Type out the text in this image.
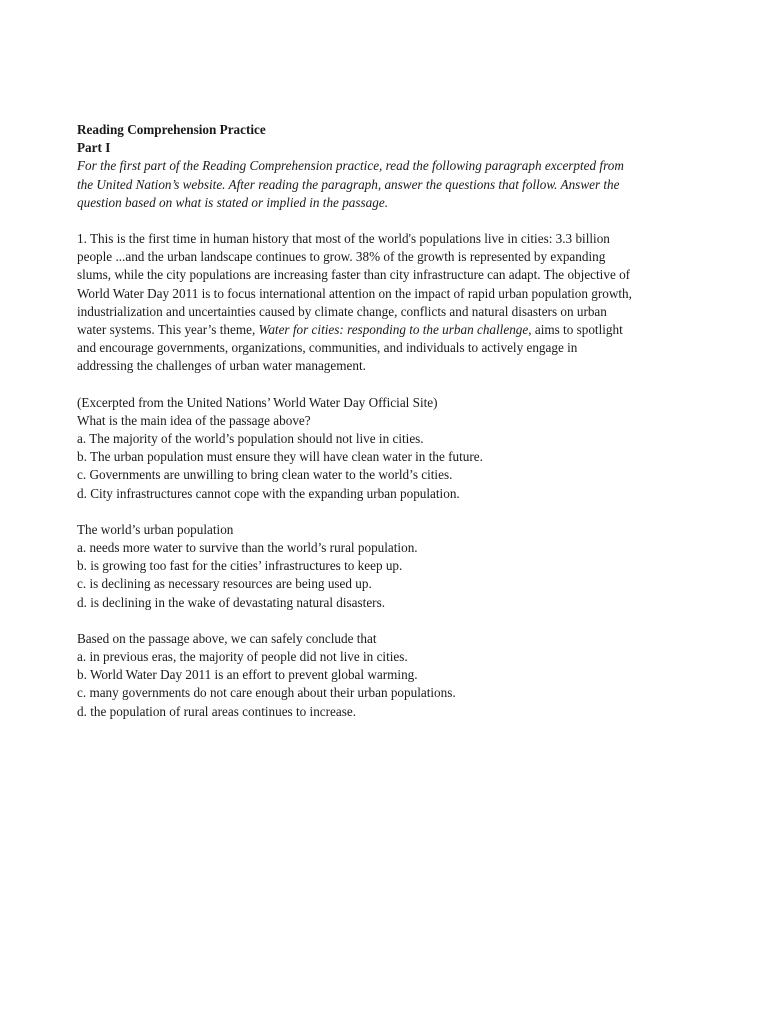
Reading Comprehension Practice
Part I
For the first part of the Reading Comprehension practice, read the following paragraph excerpted from
the United Nation’s website. After reading the paragraph, answer the questions that follow. Answer the
question based on what is stated or implied in the passage.
1. This is the first time in human history that most of the world's populations live in cities: 3.3 billion
people ...and the urban landscape continues to grow. 38% of the growth is represented by expanding
slums, while the city populations are increasing faster than city infrastructure can adapt. The objective of
World Water Day 2011 is to focus international attention on the impact of rapid urban population growth,
industrialization and uncertainties caused by climate change, conflicts and natural disasters on urban
water systems. This year’s theme, Water for cities: responding to the urban challenge, aims to spotlight
and encourage governments, organizations, communities, and individuals to actively engage in
addressing the challenges of urban water management.
(Excerpted from the United Nations’ World Water Day Official Site)
What is the main idea of the passage above?
a. The majority of the world’s population should not live in cities.
b. The urban population must ensure they will have clean water in the future.
c. Governments are unwilling to bring clean water to the world’s cities.
d. City infrastructures cannot cope with the expanding urban population.
The world’s urban population
a. needs more water to survive than the world’s rural population.
b. is growing too fast for the cities’ infrastructures to keep up.
c. is declining as necessary resources are being used up.
d. is declining in the wake of devastating natural disasters.
Based on the passage above, we can safely conclude that
a. in previous eras, the majority of people did not live in cities.
b. World Water Day 2011 is an effort to prevent global warming.
c. many governments do not care enough about their urban populations.
d. the population of rural areas continues to increase.
